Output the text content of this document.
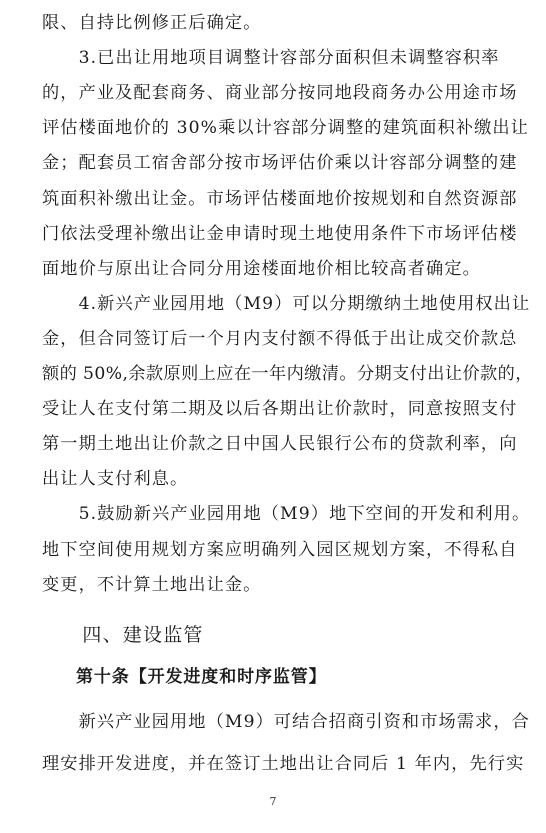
限、自持比例修正后确定。
　　3.已出让用地项目调整计容部分面积但未调整容积率
的，产业及配套商务、商业部分按同地段商务办公用途市场
评估楼面地价的 30%乘以计容部分调整的建筑面积补缴出让
金；配套员工宿舍部分按市场评估价乘以计容部分调整的建
筑面积补缴出让金。市场评估楼面地价按规划和自然资源部
门依法受理补缴出让金申请时现土地使用条件下市场评估楼
面地价与原出让合同分用途楼面地价相比较高者确定。
　　4.新兴产业园用地（M9）可以分期缴纳土地使用权出让
金，但合同签订后一个月内支付额不得低于出让成交价款总
额的 50%,余款原则上应在一年内缴清。分期支付出让价款的，
受让人在支付第二期及以后各期出让价款时，同意按照支付
第一期土地出让价款之日中国人民银行公布的贷款利率，向
出让人支付利息。
　　5.鼓励新兴产业园用地（M9）地下空间的开发和利用。
地下空间使用规划方案应明确列入园区规划方案，不得私自
变更，不计算土地出让金。
　　四、建设监管
第十条【开发进度和时序监管】
　　新兴产业园用地（M9）可结合招商引资和市场需求，合
理安排开发进度，并在签订土地出让合同后 1 年内，先行实
7
